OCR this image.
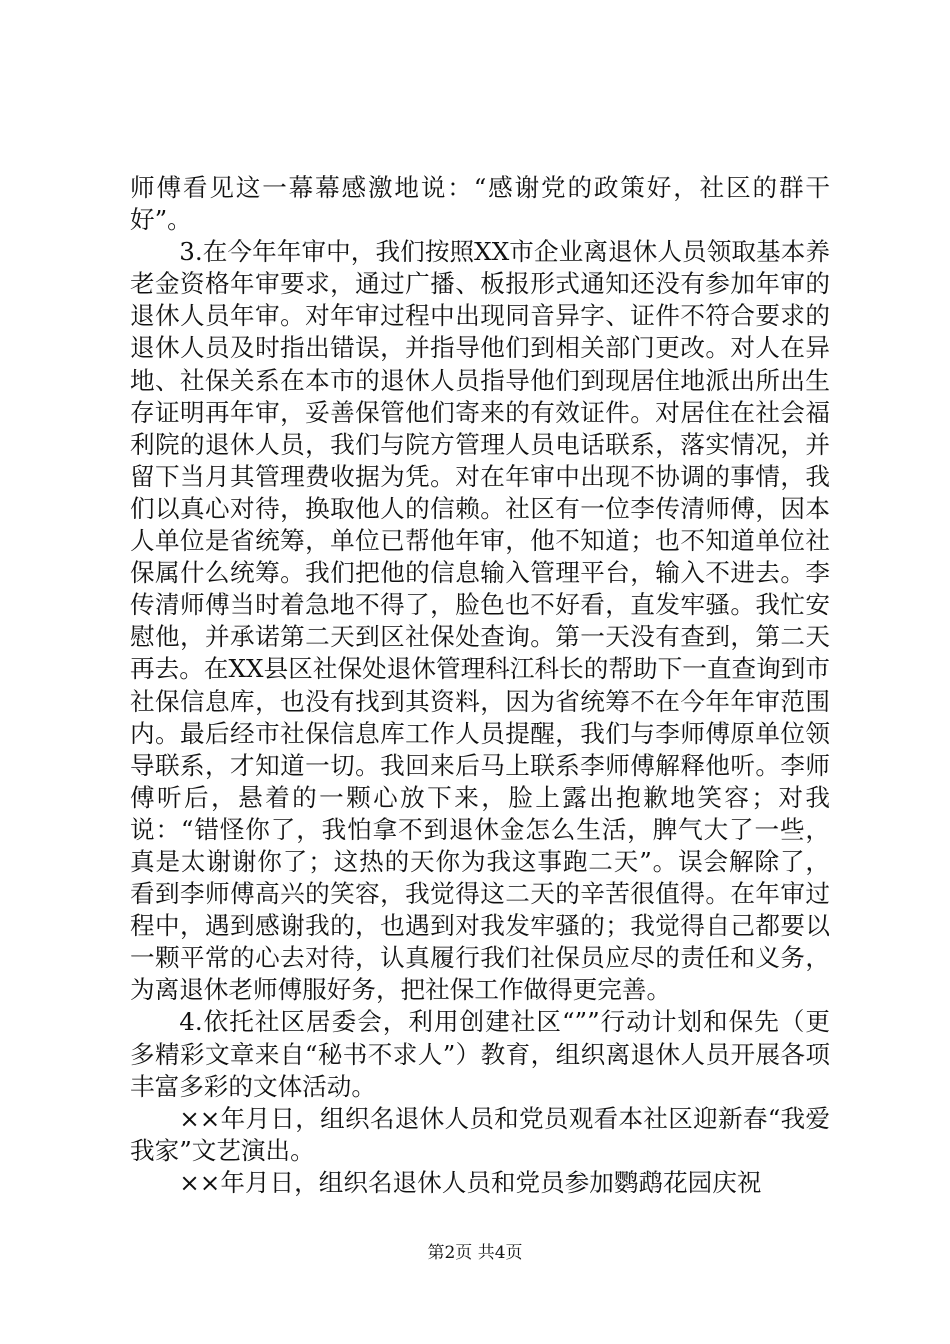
师傅看见这一幕幕感激地说：“感谢党的政策好，社区的群干好”。

3.在今年年审中，我们按照XX市企业离退休人员领取基本养老金资格年审要求，通过广播、板报形式通知还没有参加年审的退休人员年审。对年审过程中出现同音异字、证件不符合要求的退休人员及时指出错误，并指导他们到相关部门更改。对人在异地、社保关系在本市的退休人员指导他们到现居住地派出所出生存证明再年审，妥善保管他们寄来的有效证件。对居住在社会福利院的退休人员，我们与院方管理人员电话联系，落实情况，并留下当月其管理费收据为凭。对在年审中出现不协调的事情，我们以真心对待，换取他人的信赖。社区有一位李传清师傅，因本人单位是省统筹，单位已帮他年审，他不知道；也不知道单位社保属什么统筹。我们把他的信息输入管理平台，输入不进去。李传清师傅当时着急地不得了，脸色也不好看，直发牢骚。我忙安慰他，并承诺第二天到区社保处查询。第一天没有查到，第二天再去。在XX县区社保处退休管理科江科长的帮助下一直查询到市社保信息库，也没有找到其资料，因为省统筹不在今年年审范围内。最后经市社保信息库工作人员提醒，我们与李师傅原单位领导联系，才知道一切。我回来后马上联系李师傅解释他听。李师傅听后，悬着的一颗心放下来，脸上露出抱歉地笑容；对我说：“错怪你了，我怕拿不到退休金怎么生活，脾气大了一些，真是太谢谢你了；这热的天你为我这事跑二天”。误会解除了，看到李师傅高兴的笑容，我觉得这二天的辛苦很值得。在年审过程中，遇到感谢我的，也遇到对我发牢骚的；我觉得自己都要以一颗平常的心去对待，认真履行我们社保员应尽的责任和义务，为离退休老师傅服好务，把社保工作做得更完善。

4.依托社区居委会，利用创建社区“””行动计划和保先（更多精彩文章来自“秘书不求人”）教育，组织离退休人员开展各项丰富多彩的文体活动。

××年月日，组织名退休人员和党员观看本社区迎新春“我爱我家”文艺演出。

××年月日，组织名退休人员和党员参加鹦鹉花园庆祝

第2页 共4页
